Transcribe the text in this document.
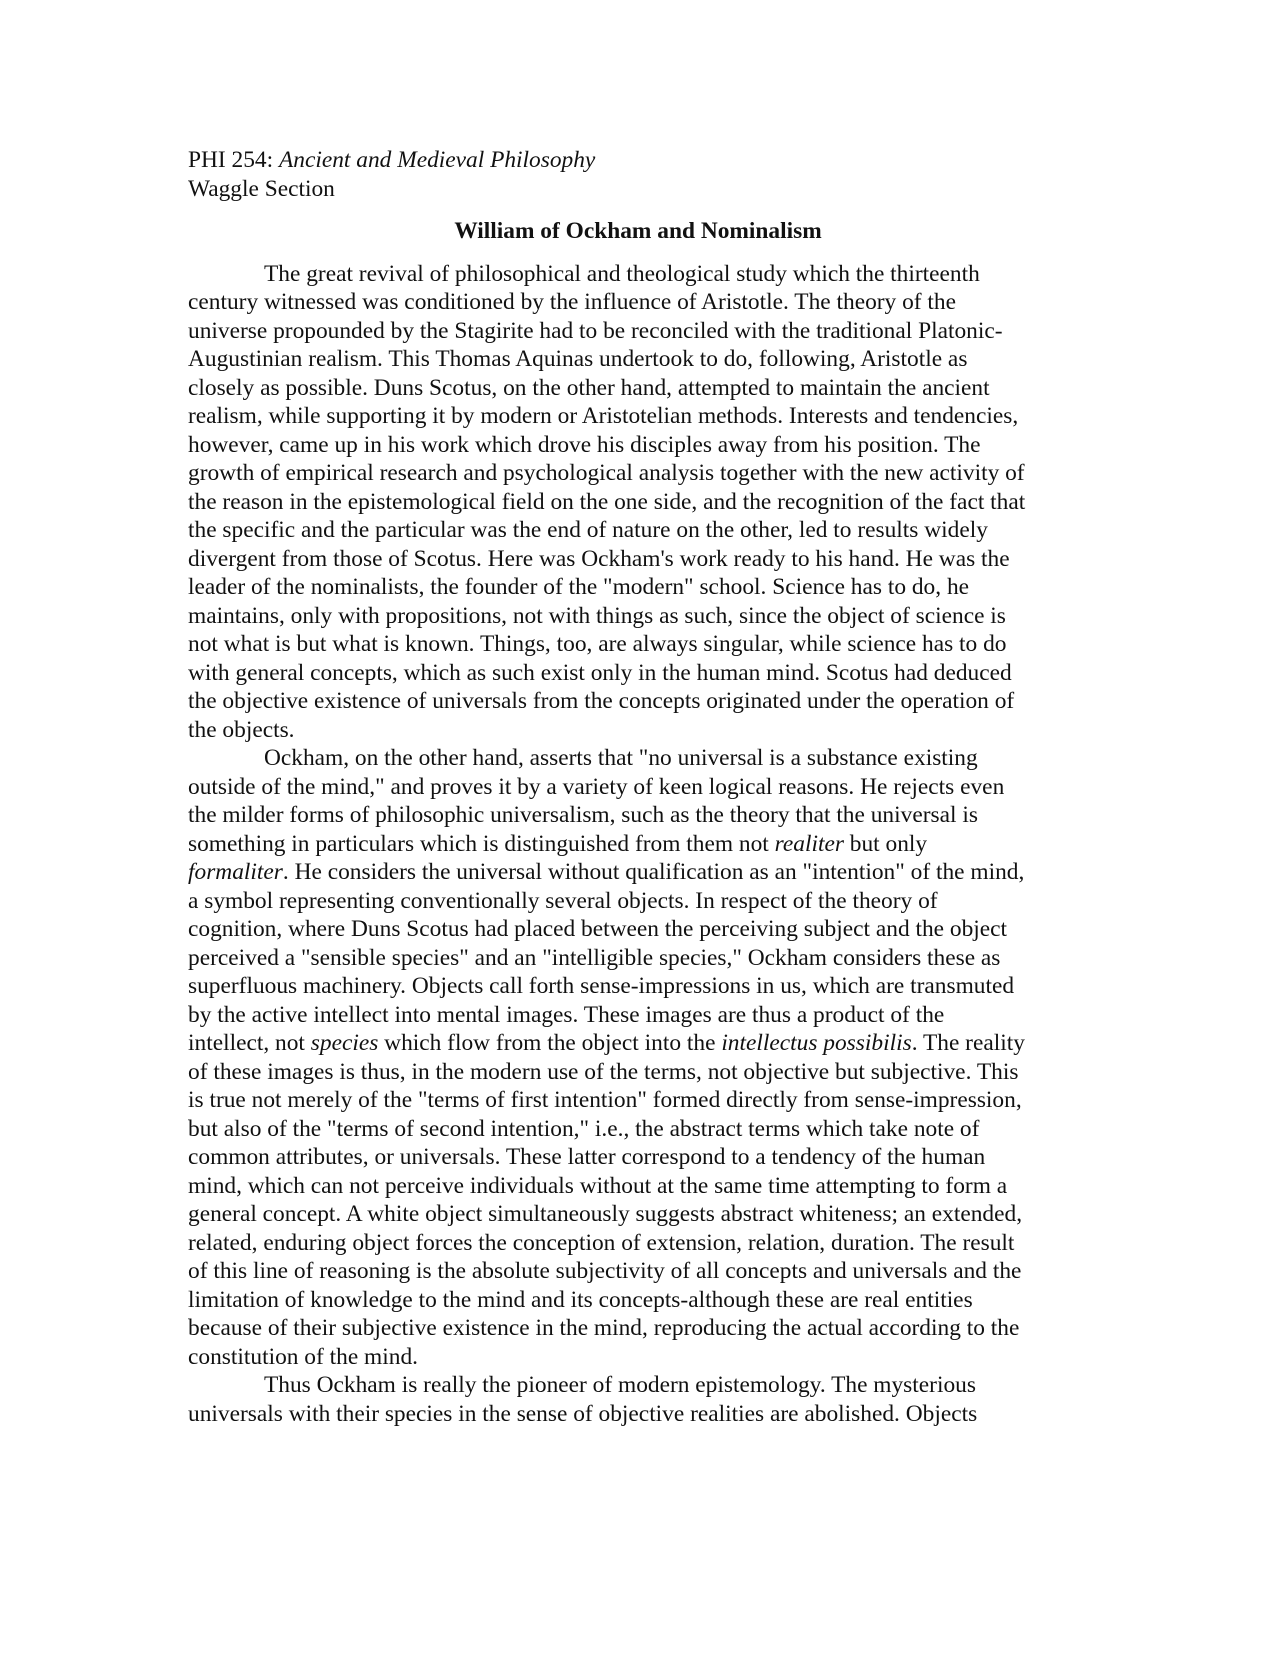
PHI 254: Ancient and Medieval Philosophy

Waggle Section

William of Ockham and Nominalism

The great revival of philosophical and theological study which the thirteenth
century witnessed was conditioned by the influence of Aristotle. The theory of the
universe propounded by the Stagirite had to be reconciled with the traditional Platonic-
Augustinian realism. This Thomas Aquinas undertook to do, following, Aristotle as
closely as possible. Duns Scotus, on the other hand, attempted to maintain the ancient
realism, while supporting it by modern or Aristotelian methods. Interests and tendencies,
however, came up in his work which drove his disciples away from his position. The
growth of empirical research and psychological analysis together with the new activity of
the reason in the epistemological field on the one side, and the recognition of the fact that
the specific and the particular was the end of nature on the other, led to results widely
divergent from those of Scotus. Here was Ockham's work ready to his hand. He was the
leader of the nominalists, the founder of the "modern" school. Science has to do, he
maintains, only with propositions, not with things as such, since the object of science is
not what is but what is known. Things, too, are always singular, while science has to do
with general concepts, which as such exist only in the human mind. Scotus had deduced
the objective existence of universals from the concepts originated under the operation of
the objects.

Ockham, on the other hand, asserts that "no universal is a substance existing
outside of the mind," and proves it by a variety of keen logical reasons. He rejects even
the milder forms of philosophic universalism, such as the theory that the universal is
something in particulars which is distinguished from them not realiter but only
formaliter. He considers the universal without qualification as an "intention" of the mind,
a symbol representing conventionally several objects. In respect of the theory of
cognition, where Duns Scotus had placed between the perceiving subject and the object
perceived a "sensible species" and an "intelligible species," Ockham considers these as
superfluous machinery. Objects call forth sense-impressions in us, which are transmuted
by the active intellect into mental images. These images are thus a product of the
intellect, not species which flow from the object into the intellectus possibilis. The reality
of these images is thus, in the modern use of the terms, not objective but subjective. This
is true not merely of the "terms of first intention" formed directly from sense-impression,
but also of the "terms of second intention," i.e., the abstract terms which take note of
common attributes, or universals. These latter correspond to a tendency of the human
mind, which can not perceive individuals without at the same time attempting to form a
general concept. A white object simultaneously suggests abstract whiteness; an extended,
related, enduring object forces the conception of extension, relation, duration. The result
of this line of reasoning is the absolute subjectivity of all concepts and universals and the
limitation of knowledge to the mind and its concepts-although these are real entities
because of their subjective existence in the mind, reproducing the actual according to the
constitution of the mind.

Thus Ockham is really the pioneer of modern epistemology. The mysterious
universals with their species in the sense of objective realities are abolished. Objects
